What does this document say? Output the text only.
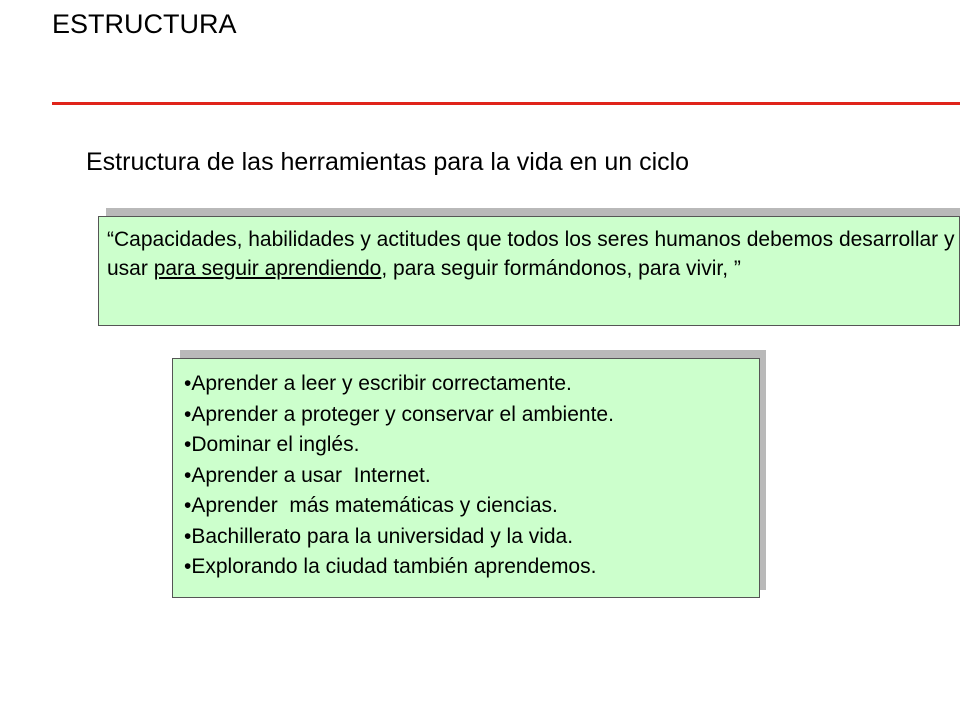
ESTRUCTURA
Estructura de las herramientas para la vida en un ciclo
“Capacidades, habilidades y actitudes que todos los seres humanos debemos desarrollar y usar para seguir aprendiendo, para seguir formándonos, para vivir, ”
• Aprender a leer y escribir correctamente.
• Aprender a proteger y conservar el ambiente.
• Dominar el inglés.
• Aprender a usar  Internet.
• Aprender  más matemáticas y ciencias.
• Bachillerato para la universidad y la vida.
• Explorando la ciudad también aprendemos.
